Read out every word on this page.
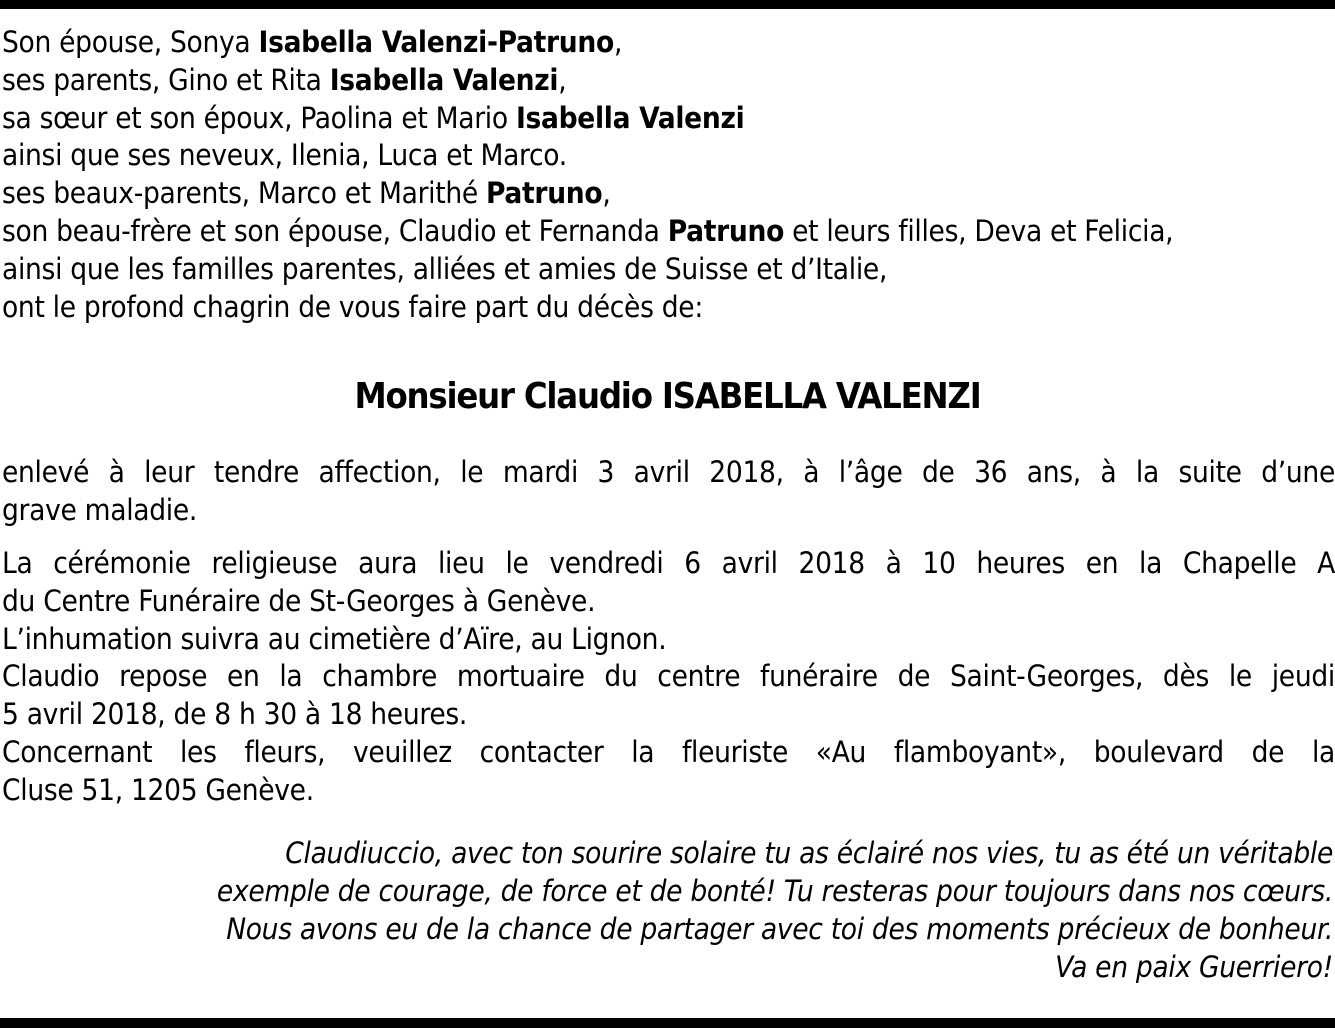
Son épouse, Sonya Isabella Valenzi-Patruno,
ses parents, Gino et Rita Isabella Valenzi,
sa sœur et son époux, Paolina et Mario Isabella Valenzi
ainsi que ses neveux, Ilenia, Luca et Marco.
ses beaux-parents, Marco et Marithé Patruno,
son beau-frère et son épouse, Claudio et Fernanda Patruno et leurs filles, Deva et Felicia,
ainsi que les familles parentes, alliées et amies de Suisse et d’Italie,
ont le profond chagrin de vous faire part du décès de:
Monsieur Claudio ISABELLA VALENZI
enlevé à leur tendre affection, le mardi 3 avril 2018, à l’âge de 36 ans, à la suite d’une
grave maladie.
La cérémonie religieuse aura lieu le vendredi 6 avril 2018 à 10 heures en la Chapelle A
du Centre Funéraire de St-Georges à Genève.
L’inhumation suivra au cimetière d’Aïre, au Lignon.
Claudio repose en la chambre mortuaire du centre funéraire de Saint-Georges, dès le jeudi
5 avril 2018, de 8 h 30 à 18 heures.
Concernant les fleurs, veuillez contacter la fleuriste «Au flamboyant», boulevard de la
Cluse 51, 1205 Genève.
Claudiuccio, avec ton sourire solaire tu as éclairé nos vies, tu as été un véritable
exemple de courage, de force et de bonté! Tu resteras pour toujours dans nos cœurs.
Nous avons eu de la chance de partager avec toi des moments précieux de bonheur.
Va en paix Guerriero!
